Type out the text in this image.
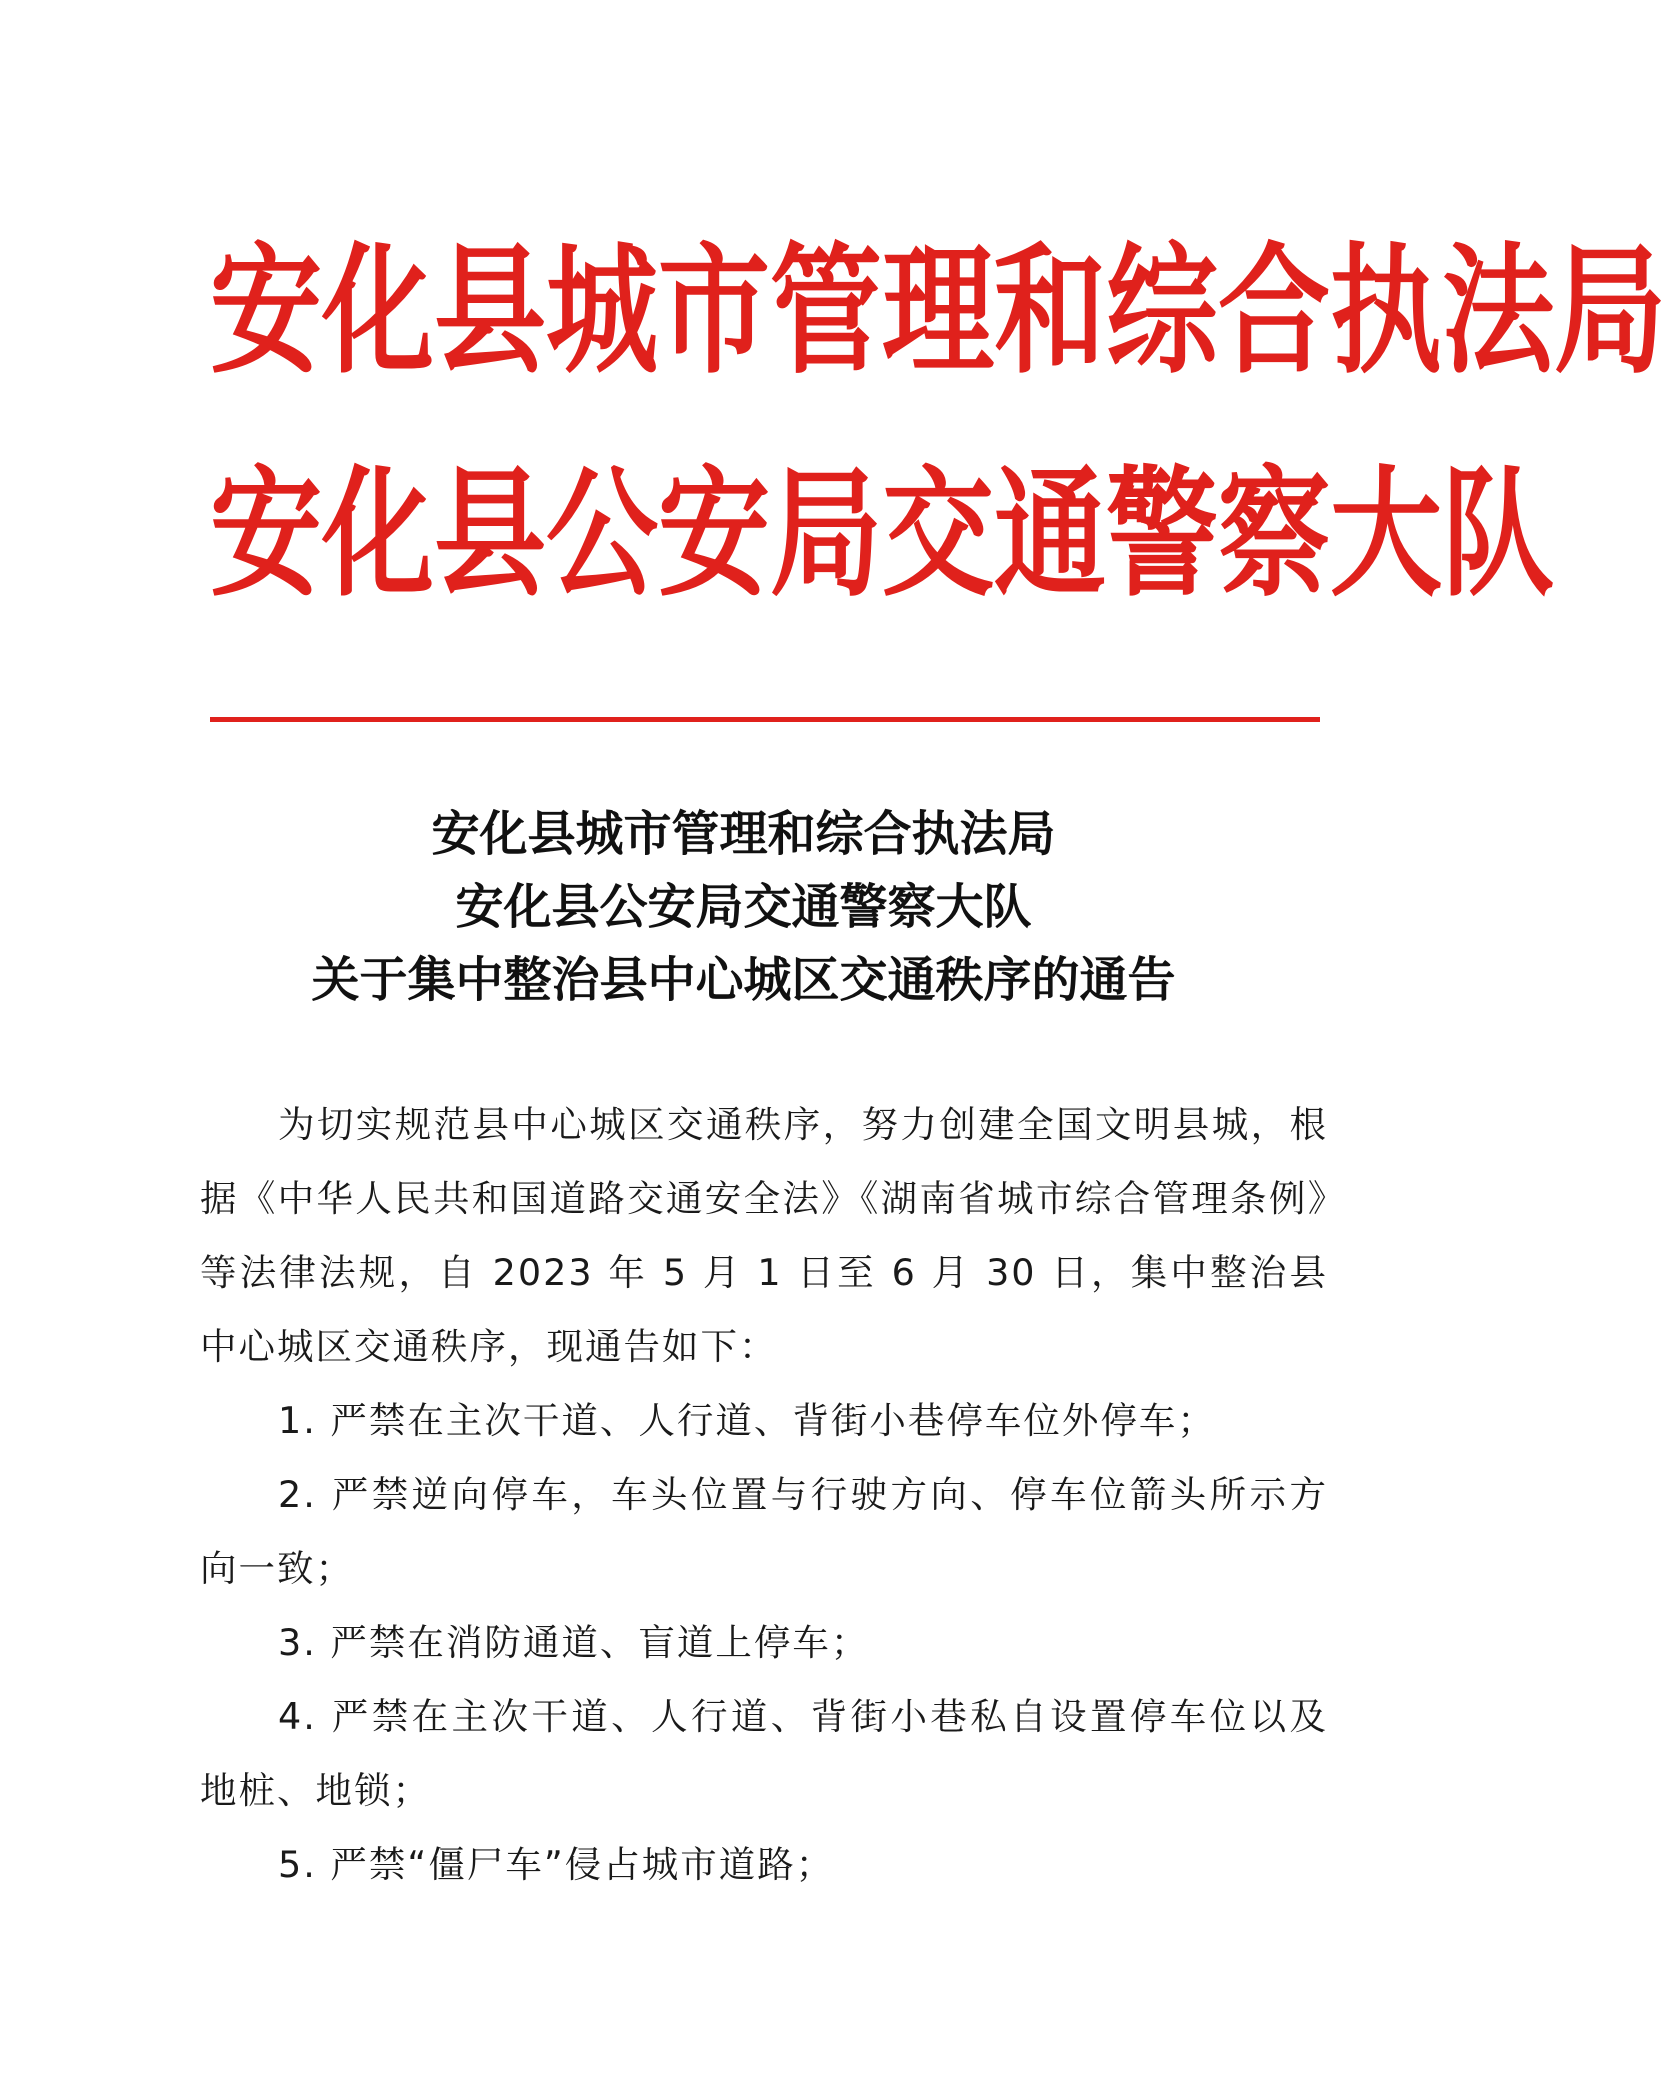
安 化 县 城 市 管 理 和 综 合 执 法 局
安 化 县 公 安 局 交 通 警 察 大 队
安化县城市管理和综合执法局
安化县公安局交通警察大队
关于集中整治县中心城区交通秩序的通告

为切实规范县中心城区交通秩序，努力创建全国文明县城，根据《中华人民共和国道路交通安全法》《湖南省城市综合管理条例》等法律法规，自 2023 年 5 月 1 日至 6 月 30 日，集中整治县中心城区交通秩序，现通告如下：

1. 严禁在主次干道、人行道、背街小巷停车位外停车；

2. 严禁逆向停车，车头位置与行驶方向、停车位箭头所示方向一致；

3. 严禁在消防通道、盲道上停车；

4. 严禁在主次干道、人行道、背街小巷私自设置停车位以及地桩、地锁；

5. 严禁“僵尸车”侵占城市道路；
